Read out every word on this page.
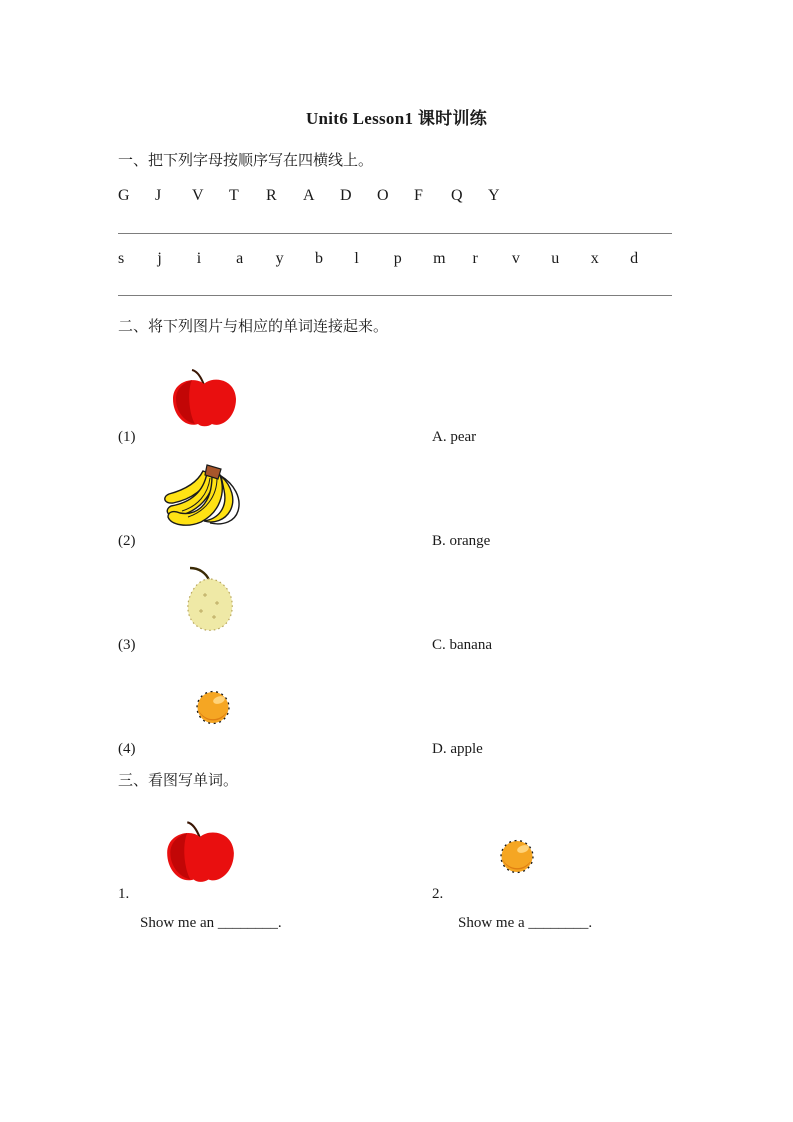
Unit6 Lesson1 课时训练
一、把下列字母按顺序写在四横线上。
G	J	V	T	R	A	D	O	F	Q	Y
s	j	i	a	y	b	l	p	m	r	v	u	x	d
二、将下列图片与相应的单词连接起来。
(1)	A. pear
(2)	B. orange
(3)	C. banana
(4)	D. apple
三、看图写单词。
1.
Show me an ________.
2.
Show me a ________.
